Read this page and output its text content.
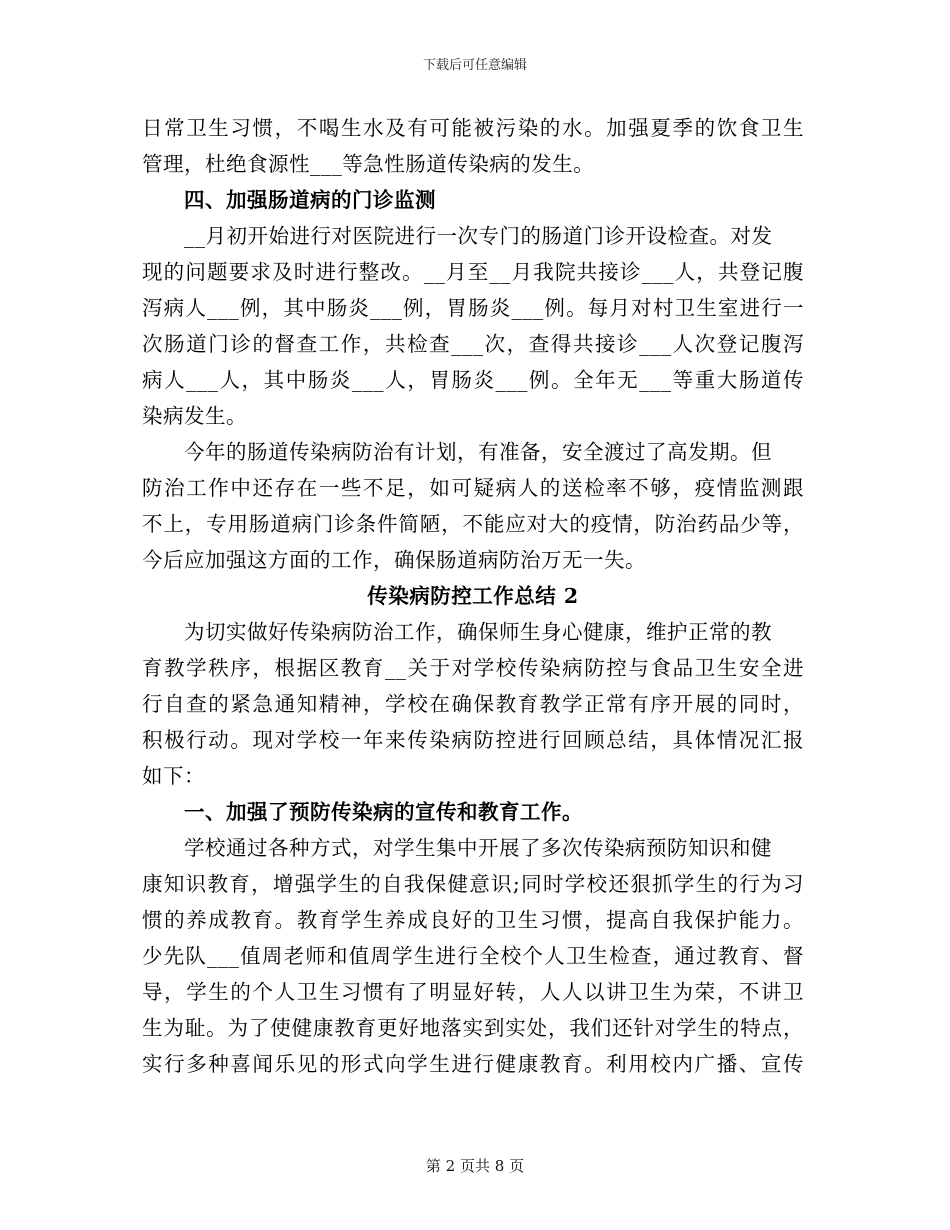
下载后可任意编辑
日常卫生习惯，不喝生水及有可能被污染的水。加强夏季的饮食卫生
管理，杜绝食源性___等急性肠道传染病的发生。
四、加强肠道病的门诊监测
__月初开始进行对医院进行一次专门的肠道门诊开设检查。对发
现的问题要求及时进行整改。__月至__月我院共接诊___人，共登记腹
泻病人___例，其中肠炎___例，胃肠炎___例。每月对村卫生室进行一
次肠道门诊的督查工作，共检查___次，查得共接诊___人次登记腹泻
病人___人，其中肠炎___人，胃肠炎___例。全年无___等重大肠道传
染病发生。
今年的肠道传染病防治有计划，有准备，安全渡过了高发期。但
防治工作中还存在一些不足，如可疑病人的送检率不够，疫情监测跟
不上，专用肠道病门诊条件简陋，不能应对大的疫情，防治药品少等，
今后应加强这方面的工作，确保肠道病防治万无一失。
传染病防控工作总结 2
为切实做好传染病防治工作，确保师生身心健康，维护正常的教
育教学秩序，根据区教育__关于对学校传染病防控与食品卫生安全进
行自查的紧急通知精神，学校在确保教育教学正常有序开展的同时，
积极行动。现对学校一年来传染病防控进行回顾总结，具体情况汇报
如下：
一、加强了预防传染病的宣传和教育工作。
学校通过各种方式，对学生集中开展了多次传染病预防知识和健
康知识教育，增强学生的自我保健意识;同时学校还狠抓学生的行为习
惯的养成教育。教育学生养成良好的卫生习惯，提高自我保护能力。
少先队___值周老师和值周学生进行全校个人卫生检查，通过教育、督
导，学生的个人卫生习惯有了明显好转，人人以讲卫生为荣，不讲卫
生为耻。为了使健康教育更好地落实到实处，我们还针对学生的特点，
实行多种喜闻乐见的形式向学生进行健康教育。利用校内广播、宣传
第 2 页共 8 页
